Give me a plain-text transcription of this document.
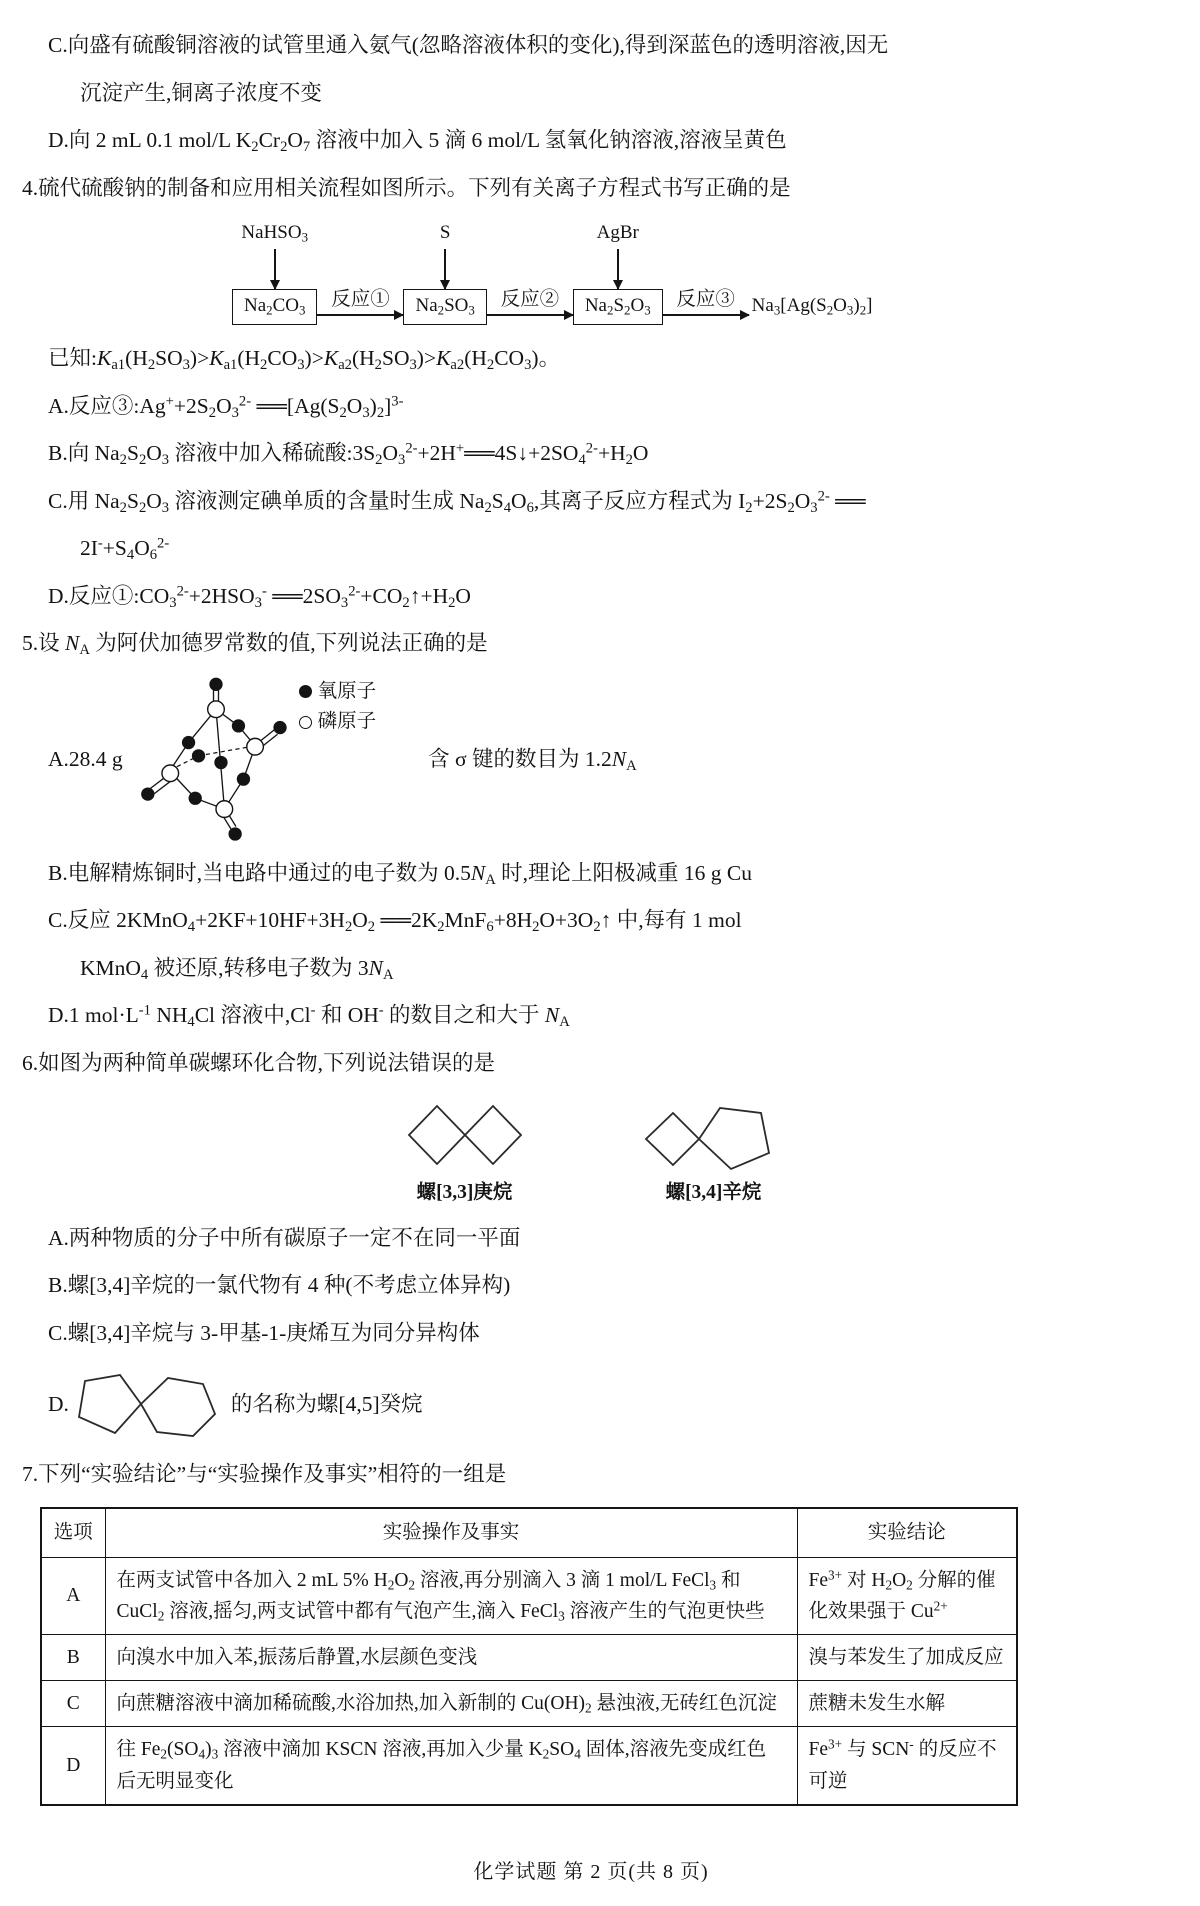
C.向盛有硫酸铜溶液的试管里通入氨气(忽略溶液体积的变化),得到深蓝色的透明溶液,因无
沉淀产生,铜离子浓度不变
D.向 2 mL 0.1 mol/L $K_2Cr_2O_7$ 溶液中加入 5 滴 6 mol/L 氢氧化钠溶液,溶液呈黄色
4.硫代硫酸钠的制备和应用相关流程如图所示。下列有关离子方程式书写正确的是
NaHSO$_3$
$Na_2CO_3$
反应①
S
$Na_2SO_3$
反应②
AgBr
$Na_2S_2O_3$
反应③ $Na_3[Ag(S_2O_3)_2]$
已知$:K_{a1}(H_2SO_3)>K_{a1}(H_2CO_3)>K_{a2}(H_2SO_3)>K_{a2}(H_2CO_3)$。
A.反应$③:Ag^++2S_2O_3^{2-}$ $══[Ag(S_2O_3)_2]^{3-}$
B.向 $Na_2S_2O_3$ 溶液中加入稀硫酸$:3S_2O_3^{2-}+2H^+══4S↓+2SO_4^{2-}+H_2O$
C.用 $Na_2S_2O_3$ 溶液测定碘单质的含量时生成 $Na_2S_4O_6$,其离子反应方程式为 $I_2+2S_2O_3^{2-}$ ══
$2I^-+S_4O_6^{2-}$
D.反应$①:CO_3^{2-}+2HSO_3^-$ $══2SO_3^{2-}+CO_2↑+H_2O$
5.设 $N_A$ 为阿伏加德罗常数的值,下列说法正确的是
A.28.4 g
氧原子
磷原子
含 σ 键的数目为 $1.2N_A$
B.电解精炼铜时,当电路中通过的电子数为 $0.5N_A$ 时,理论上阳极减重 16 g Cu
C.反应 $2KMnO_4+2KF+10HF+3H_2O_2$ $══2K_2MnF_6+8H_2O+3O_2↑$ 中,每有 1 mol
KMnO$_4$ 被还原,转移电子数为 $3N_A$
D.1 $mol\cdot L^{-1}$ $NH_4Cl$ 溶液中,Cl- 和 OH- 的数目之和大于 $N_A$
6.如图为两种简单碳螺环化合物,下列说法错误的是
螺[3,3]庚烷	螺[3,4]辛烷
A.两种物质的分子中所有碳原子一定不在同一平面
B.螺[3,4]辛烷的一氯代物有 4 种(不考虑立体异构)
C.螺[3,4]辛烷与 3-甲基-1-庚烯互为同分异构体
D.	的名称为螺[4,5]癸烷
7.下列“实验结论”与“实验操作及事实”相符的一组是
选项	实验操作及事实	实验结论
A	在两支试管中各加入 2 mL 5% $H_2O_2$ 溶液,再分别滴入 3 滴 1 mol/L FeCl$_3$ 和 CuCl$_2$ 溶液,摇匀,两支试管中都有气泡产生,滴入 FeCl$_3$ 溶液产生的气泡更快些	$Fe^{3+}$ 对 $H_2O_2$ 分解的催化效果强于 $Cu^{2+}$
B	向溴水中加入苯,振荡后静置,水层颜色变浅	溴与苯发生了加成反应
C	向蔗糖溶液中滴加稀硫酸,水浴加热,加入新制的 $Cu(OH)_2$ 悬浊液,无砖红色沉淀	蔗糖未发生水解
D	往 $Fe_2(SO_4)_3$ 溶液中滴加 KSCN 溶液,再加入少量 $K_2SO_4$ 固体,溶液先变成红色后无明显变化	$Fe^{3+}$ 与 SCN- 的反应不可逆
化学试题 第 2 页(共 8 页)
